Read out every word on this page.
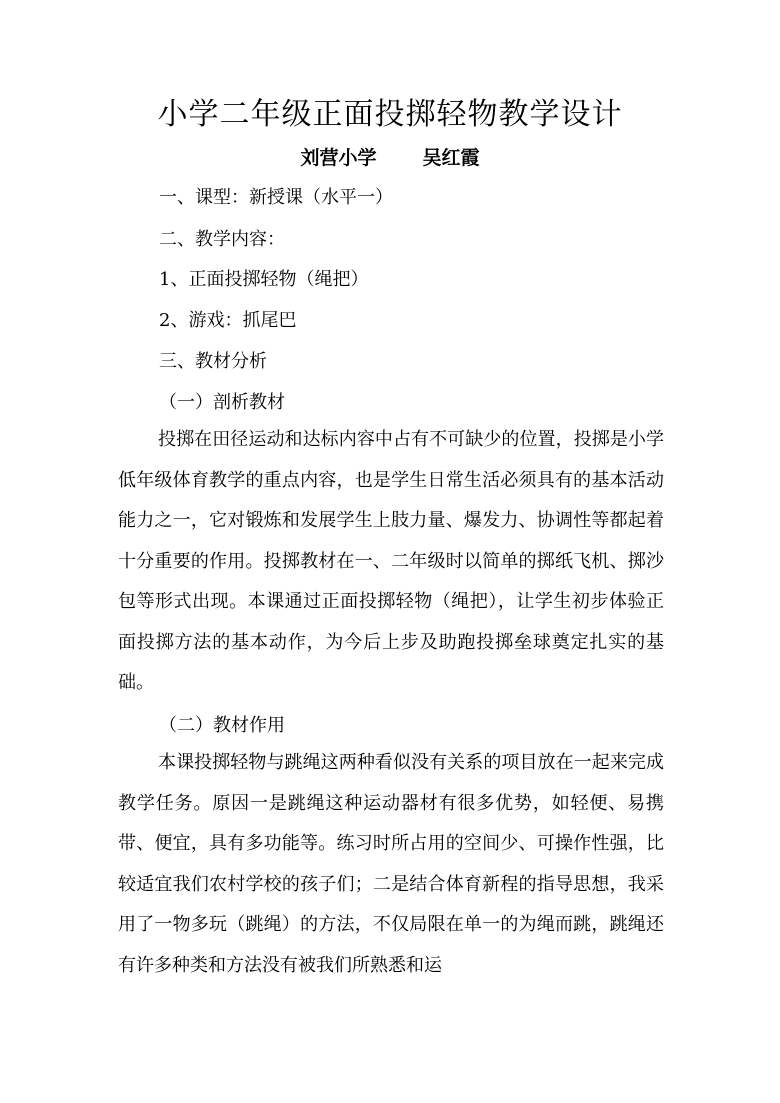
小学二年级正面投掷轻物教学设计
刘营小学 吴红霞
一、课型：新授课（水平一）
二、教学内容：
1、正面投掷轻物（绳把）
2、游戏：抓尾巴
三、教材分析
（一）剖析教材

投掷在田径运动和达标内容中占有不可缺少的位置，投掷是小学低年级体育教学的重点内容，也是学生日常生活必须具有的基本活动能力之一，它对锻炼和发展学生上肢力量、爆发力、协调性等都起着十分重要的作用。投掷教材在一、二年级时以简单的掷纸飞机、掷沙包等形式出现。本课通过正面投掷轻物（绳把），让学生初步体验正面投掷方法的基本动作，为今后上步及助跑投掷垒球奠定扎实的基础。

（二）教材作用

本课投掷轻物与跳绳这两种看似没有关系的项目放在一起来完成教学任务。原因一是跳绳这种运动器材有很多优势，如轻便、易携带、便宜，具有多功能等。练习时所占用的空间少、可操作性强，比较适宜我们农村学校的孩子们；二是结合体育新程的指导思想，我采用了一物多玩（跳绳）的方法，不仅局限在单一的为绳而跳，跳绳还有许多种类和方法没有被我们所熟悉和运
